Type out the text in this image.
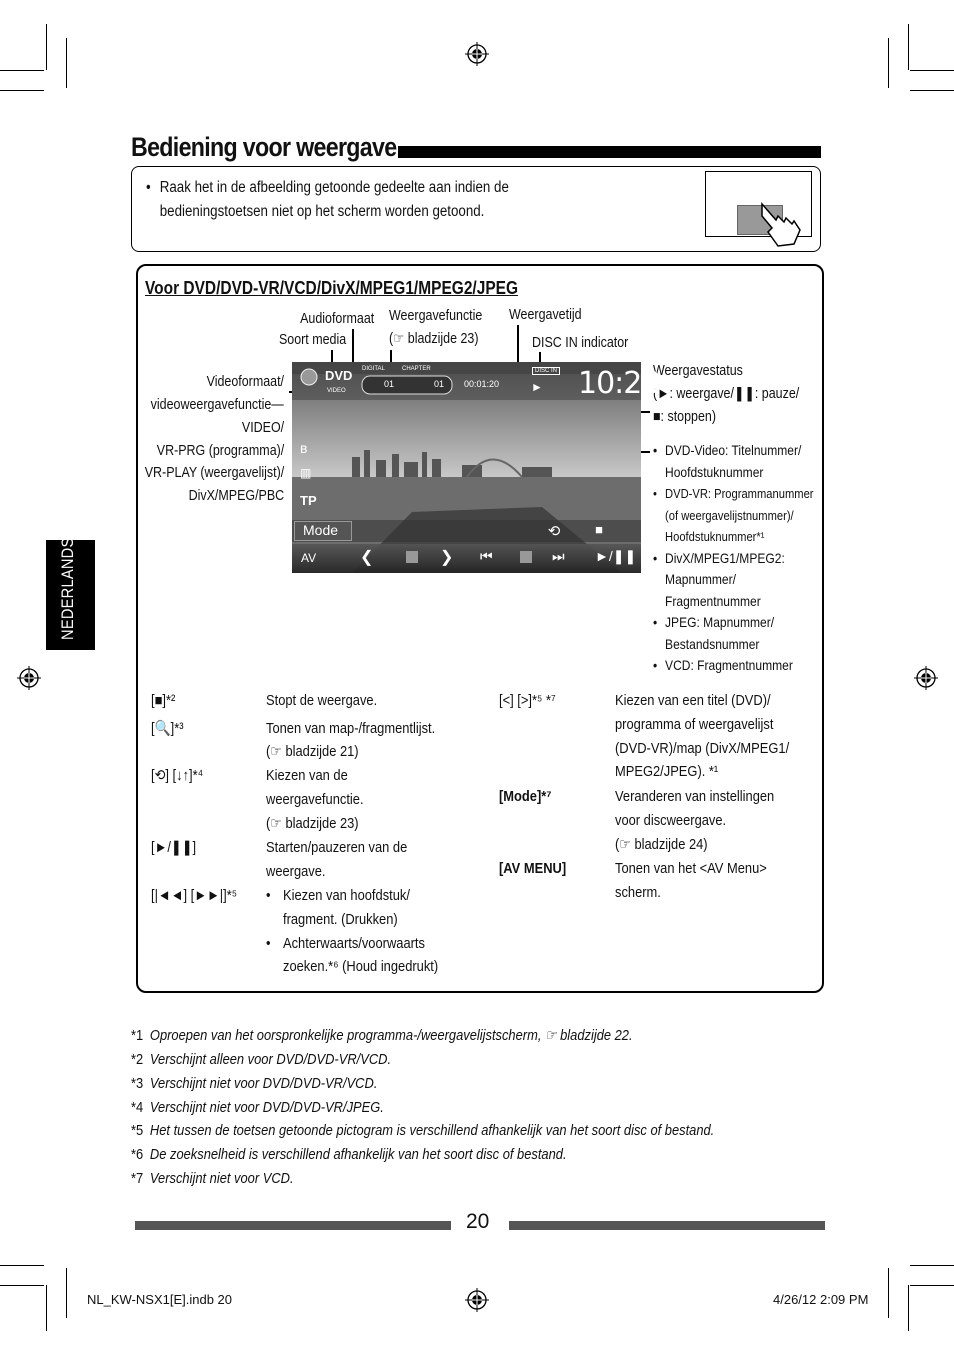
Bediening voor weergave
• Raak het in de afbeelding getoonde gedeelte aan indien de bedieningstoetsen niet op het scherm worden getoond.
NEDERLANDS
Voor DVD/DVD-VR/VCD/DivX/MPEG1/MPEG2/JPEG
Audioformaat
Soort media
Weergavefunctie
(☞ bladzijde 23)
Weergavetijd
DISC IN indicator
Weergavestatus
(►: weergave/❚❚: pauze/
■: stoppen)
Videoformaat/
videoweergavefunctie—
VIDEO/
VR-PRG (programma)/
VR-PLAY (weergavelijst)/
DivX/MPEG/PBC
• DVD-Video: Titelnummer/
Hoofdstuknummer
• DVD-VR: Programmanummer
(of weergavelijstnummer)/
Hoofdstuknummer*¹
• DivX/MPEG1/MPEG2:
Mapnummer/
Fragmentnummer
• JPEG: Mapnummer/
Bestandsnummer
• VCD: Fragmentnummer
DVD
VIDEO
DIGITAL	CHAPTER
01	01 00:01:20
DISC IN 10:28
►
TP
Mode
AV MENU
ʙ
▥
⟲	■
❮	❯ ⏮	⏭ ►/❚❚
[■]*²	Stopt de weergave.
[🔍]*³	Tonen van map-/fragmentlijst.
(☞ bladzijde 21)
[⟲] [↓↑]*⁴	Kiezen van de
weergavefunctie.
(☞ bladzijde 23)
[►/❚❚]	Starten/pauzeren van de
weergave.
[|◄◄] [►►|]*⁵ • Kiezen van hoofdstuk/
fragment. (Drukken)
• Achterwaarts/voorwaarts
zoeken.*⁶ (Houd ingedrukt)
[<] [>]*⁵ *⁷	Kiezen van een titel (DVD)/
programma of weergavelijst
(DVD-VR)/map (DivX/MPEG1/
MPEG2/JPEG). *¹
[Mode]*⁷	Veranderen van instellingen
voor discweergave.
(☞ bladzijde 24)
[AV MENU]	Tonen van het <AV Menu>
scherm.
*1 Oproepen van het oorspronkelijke programma-/weergavelijstscherm, ☞ bladzijde 22.
*2 Verschijnt alleen voor DVD/DVD-VR/VCD.
*3 Verschijnt niet voor DVD/DVD-VR/VCD.
*4 Verschijnt niet voor DVD/DVD-VR/JPEG.
*5 Het tussen de toetsen getoonde pictogram is verschillend afhankelijk van het soort disc of bestand.
*6 De zoeksnelheid is verschillend afhankelijk van het soort disc of bestand.
*7 Verschijnt niet voor VCD.
20
NL_KW-NSX1[E].indb 20	4/26/12 2:09 PM
